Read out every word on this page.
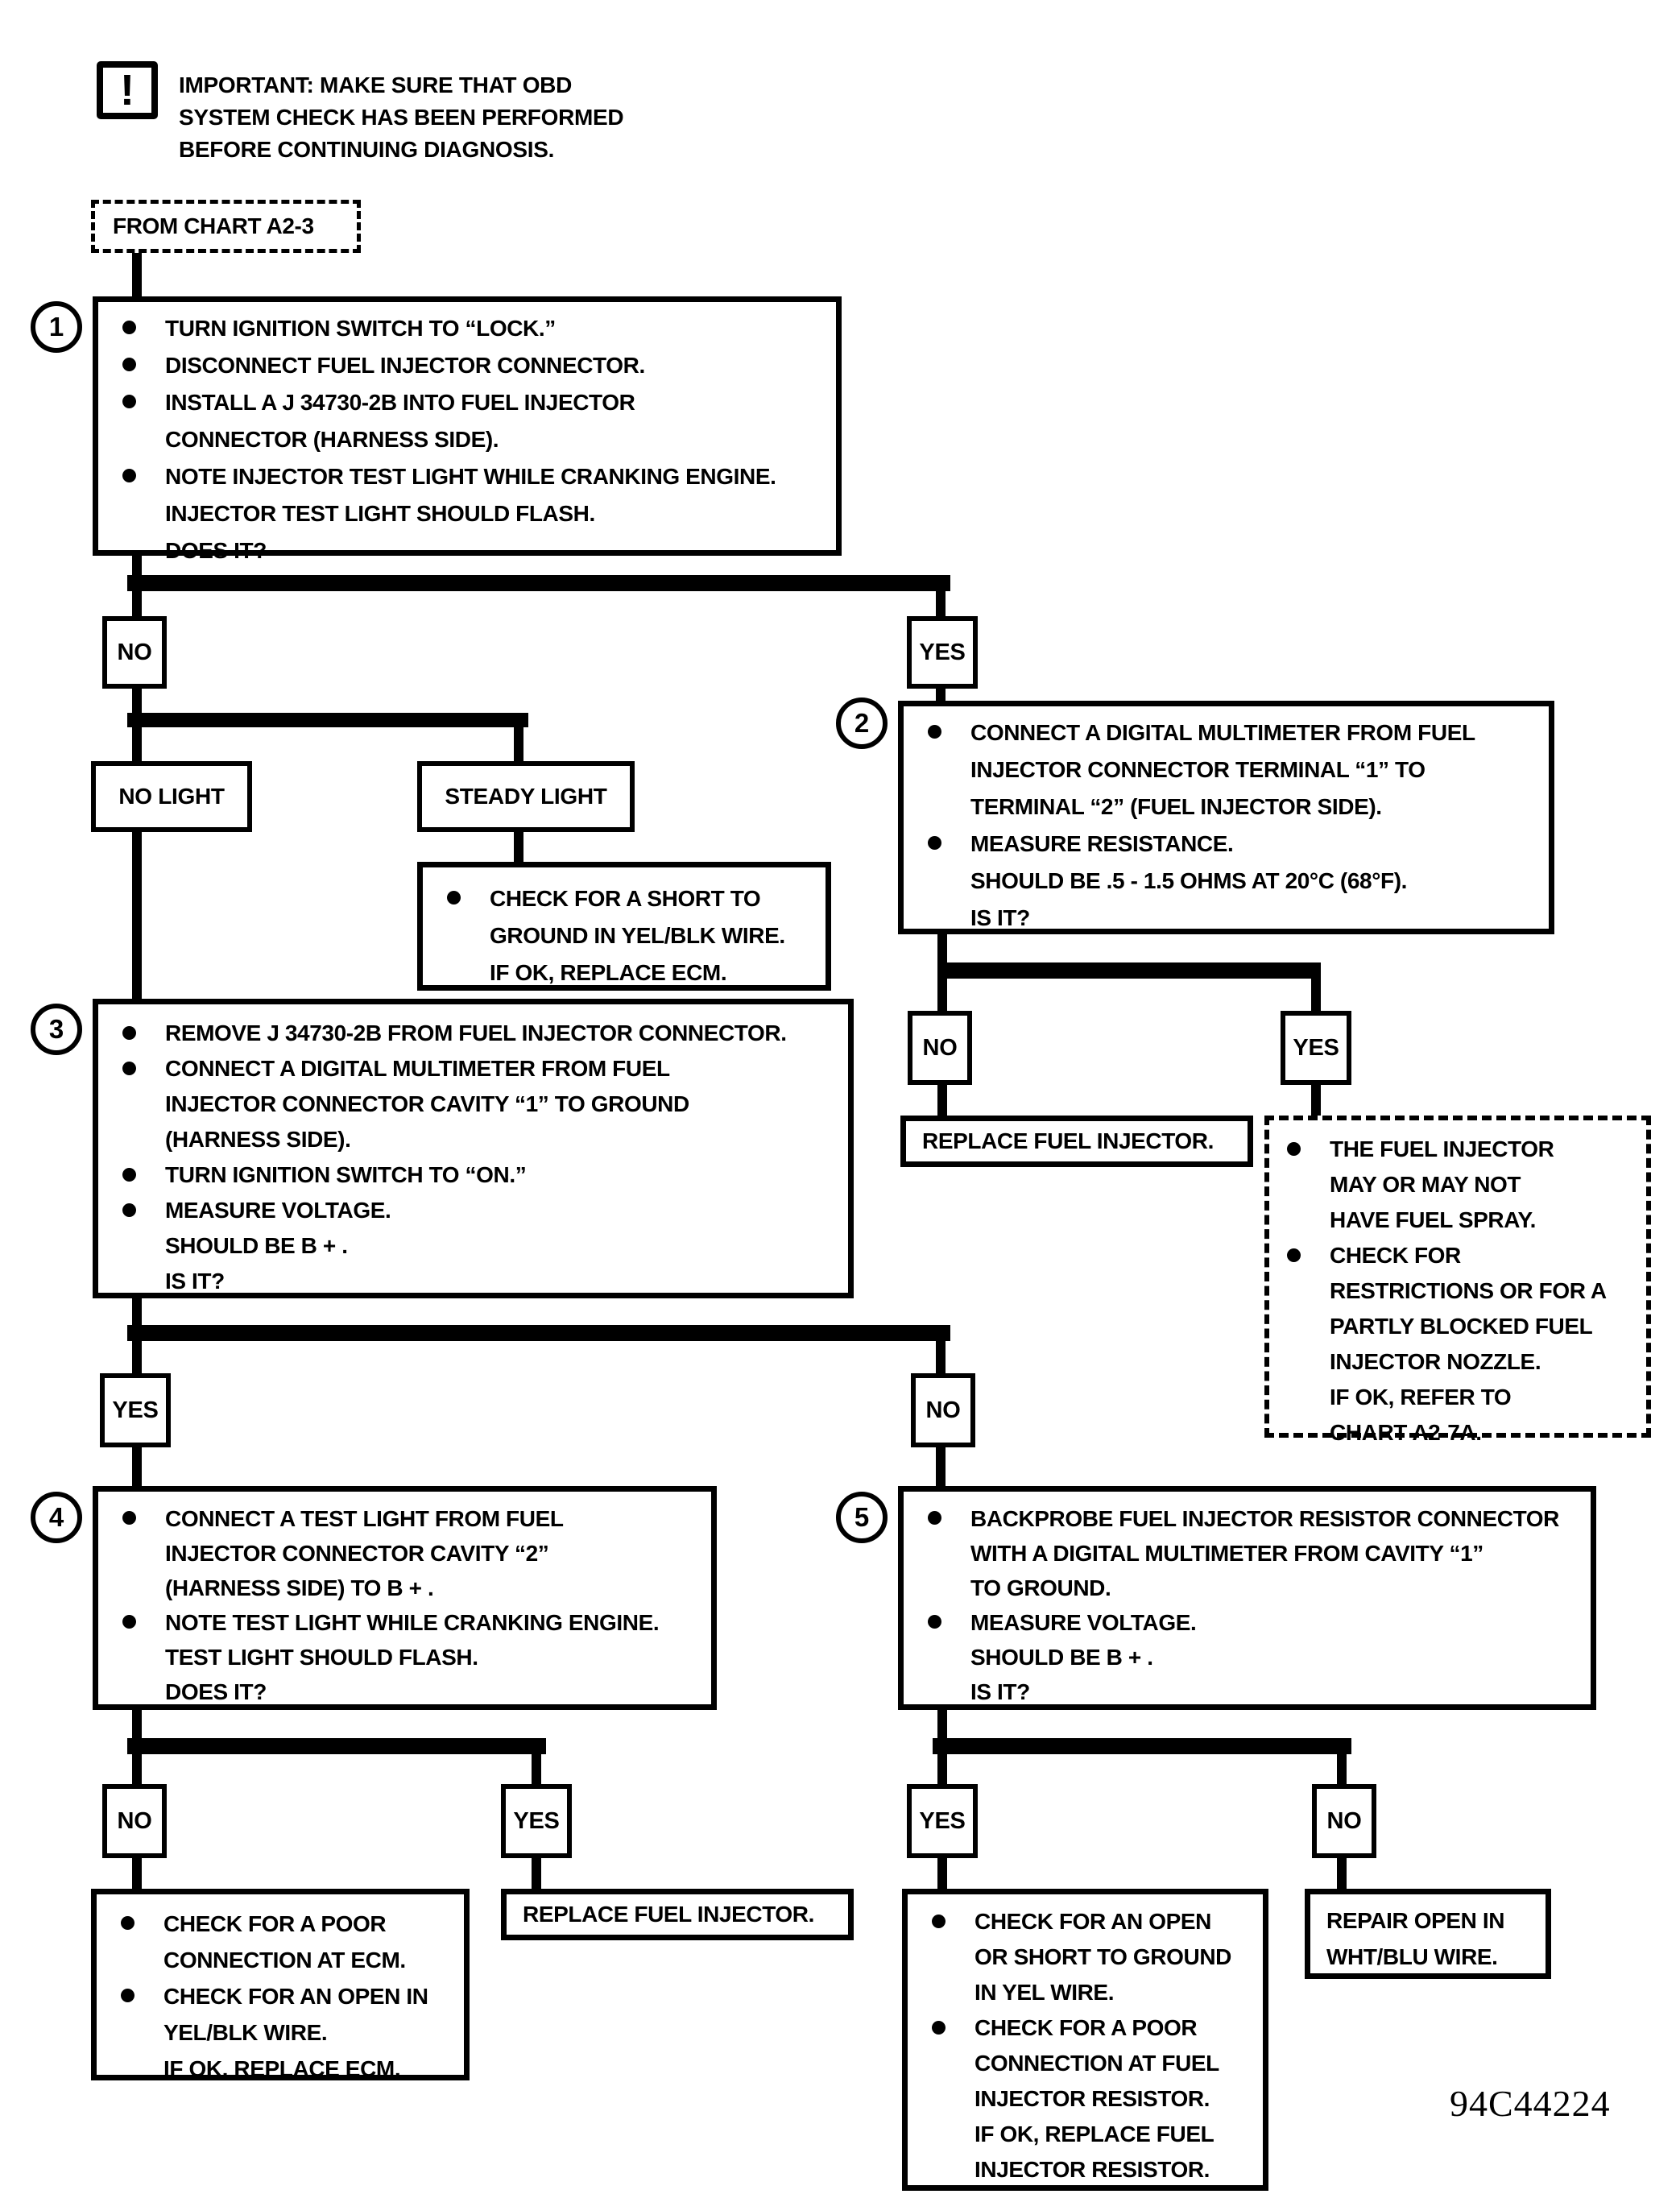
! IMPORTANT: MAKE SURE THAT OBD
SYSTEM CHECK HAS BEEN PERFORMED
BEFORE CONTINUING DIAGNOSIS.
FROM CHART A2-3
1	TURN IGNITION SWITCH TO “LOCK.”
DISCONNECT FUEL INJECTOR CONNECTOR.
INSTALL A J 34730-2B INTO FUEL INJECTOR
CONNECTOR (HARNESS SIDE).
NOTE INJECTOR TEST LIGHT WHILE CRANKING ENGINE.
INJECTOR TEST LIGHT SHOULD FLASH.
DOES IT?
NO	YES
NO LIGHT	STEADY LIGHT
CHECK FOR A SHORT TO
GROUND IN YEL/BLK WIRE.
IF OK, REPLACE ECM.
2	CONNECT A DIGITAL MULTIMETER FROM FUEL
INJECTOR CONNECTOR TERMINAL “1” TO
TERMINAL “2” (FUEL INJECTOR SIDE).
MEASURE RESISTANCE.
SHOULD BE .5 - 1.5 OHMS AT 20°C (68°F).
IS IT?
NO	YES
REPLACE FUEL INJECTOR.	THE FUEL INJECTOR
MAY OR MAY NOT
HAVE FUEL SPRAY.
CHECK FOR
RESTRICTIONS OR FOR A
PARTLY BLOCKED FUEL
INJECTOR NOZZLE.
IF OK, REFER TO
CHART A2-7A.
3	REMOVE J 34730-2B FROM FUEL INJECTOR CONNECTOR.
CONNECT A DIGITAL MULTIMETER FROM FUEL
INJECTOR CONNECTOR CAVITY “1” TO GROUND
(HARNESS SIDE).
TURN IGNITION SWITCH TO “ON.”
MEASURE VOLTAGE.
SHOULD BE B + .
IS IT?
YES	NO
4	CONNECT A TEST LIGHT FROM FUEL
INJECTOR CONNECTOR CAVITY “2”
(HARNESS SIDE) TO B + .
NOTE TEST LIGHT WHILE CRANKING ENGINE.
TEST LIGHT SHOULD FLASH.
DOES IT?
5	BACKPROBE FUEL INJECTOR RESISTOR CONNECTOR
WITH A DIGITAL MULTIMETER FROM CAVITY “1”
TO GROUND.
MEASURE VOLTAGE.
SHOULD BE B + .
IS IT?
NO	YES	YES	NO
CHECK FOR A POOR
CONNECTION AT ECM.
CHECK FOR AN OPEN IN
YEL/BLK WIRE.
IF OK, REPLACE ECM.
REPLACE FUEL INJECTOR.	CHECK FOR AN OPEN
OR SHORT TO GROUND
IN YEL WIRE.
CHECK FOR A POOR
CONNECTION AT FUEL
INJECTOR RESISTOR.
IF OK, REPLACE FUEL
INJECTOR RESISTOR.
REPAIR OPEN IN
WHT/BLU WIRE.
94C44224
